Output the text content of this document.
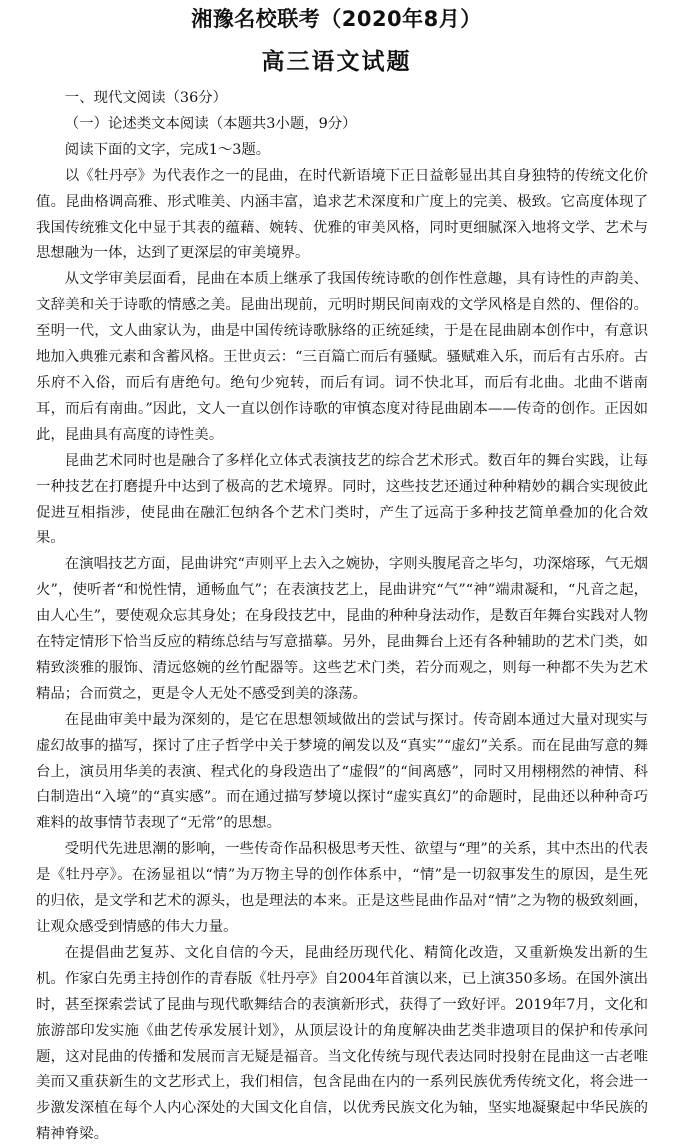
湘豫名校联考（2020年8月）
高三语文试题

一、现代文阅读（36分）

（一）论述类文本阅读（本题共3小题，9分）

阅读下面的文字，完成1～3题。

以《牡丹亭》为代表作之一的昆曲，在时代新语境下正日益彰显出其自身独特的传统文化价值。昆曲格调高雅、形式唯美、内涵丰富，追求艺术深度和广度上的完美、极致。它高度体现了我国传统雅文化中显于其表的蕴藉、婉转、优雅的审美风格，同时更细腻深入地将文学、艺术与思想融为一体，达到了更深层的审美境界。

从文学审美层面看，昆曲在本质上继承了我国传统诗歌的创作性意趣，具有诗性的声韵美、文辞美和关于诗歌的情感之美。昆曲出现前，元明时期民间南戏的文学风格是自然的、俚俗的。至明一代，文人曲家认为，曲是中国传统诗歌脉络的正统延续，于是在昆曲剧本创作中，有意识地加入典雅元素和含蓄风格。王世贞云：“三百篇亡而后有骚赋。骚赋难入乐，而后有古乐府。古乐府不入俗，而后有唐绝句。绝句少宛转，而后有词。词不快北耳，而后有北曲。北曲不谐南耳，而后有南曲。”因此，文人一直以创作诗歌的审慎态度对待昆曲剧本——传奇的创作。正因如此，昆曲具有高度的诗性美。

昆曲艺术同时也是融合了多样化立体式表演技艺的综合艺术形式。数百年的舞台实践，让每一种技艺在打磨提升中达到了极高的艺术境界。同时，这些技艺还通过种种精妙的耦合实现彼此促进互相指涉，使昆曲在融汇包纳各个艺术门类时，产生了远高于多种技艺简单叠加的化合效果。

在演唱技艺方面，昆曲讲究“声则平上去入之婉协，字则头腹尾音之毕匀，功深熔琢，气无烟火”，使听者“和悦性情，通畅血气”；在表演技艺上，昆曲讲究“气”“神”端肃凝和，“凡音之起，由人心生”，要使观众忘其身处；在身段技艺中，昆曲的种种身法动作，是数百年舞台实践对人物在特定情形下恰当反应的精练总结与写意描摹。另外，昆曲舞台上还有各种辅助的艺术门类，如精致淡雅的服饰、清远悠婉的丝竹配器等。这些艺术门类，若分而观之，则每一种都不失为艺术精品；合而赏之，更是令人无处不感受到美的涤荡。

在昆曲审美中最为深刻的，是它在思想领域做出的尝试与探讨。传奇剧本通过大量对现实与虚幻故事的描写，探讨了庄子哲学中关于梦境的阐发以及“真实”“虚幻”关系。而在昆曲写意的舞台上，演员用华美的表演、程式化的身段造出了“虚假”的“间离感”，同时又用栩栩然的神情、科白制造出“入境”的“真实感”。而在通过描写梦境以探讨“虚实真幻”的命题时，昆曲还以种种奇巧难料的故事情节表现了“无常”的思想。

受明代先进思潮的影响，一些传奇作品积极思考天性、欲望与“理”的关系，其中杰出的代表是《牡丹亭》。在汤显祖以“情”为万物主导的创作体系中，“情”是一切叙事发生的原因，是生死的归依，是文学和艺术的源头，也是理法的本来。正是这些昆曲作品对“情”之为物的极致刻画，让观众感受到情感的伟大力量。

在提倡曲艺复苏、文化自信的今天，昆曲经历现代化、精简化改造，又重新焕发出新的生机。作家白先勇主持创作的青春版《牡丹亭》自2004年首演以来，已上演350多场。在国外演出时，甚至探索尝试了昆曲与现代歌舞结合的表演新形式，获得了一致好评。2019年7月，文化和旅游部印发实施《曲艺传承发展计划》，从顶层设计的角度解决曲艺类非遗项目的保护和传承问题，这对昆曲的传播和发展而言无疑是福音。当文化传统与现代表达同时投射在昆曲这一古老唯美而又重获新生的文艺形式上，我们相信，包含昆曲在内的一系列民族优秀传统文化，将会进一步激发深植在每个人内心深处的大国文化自信，以优秀民族文化为轴，坚实地凝聚起中华民族的精神脊梁。
